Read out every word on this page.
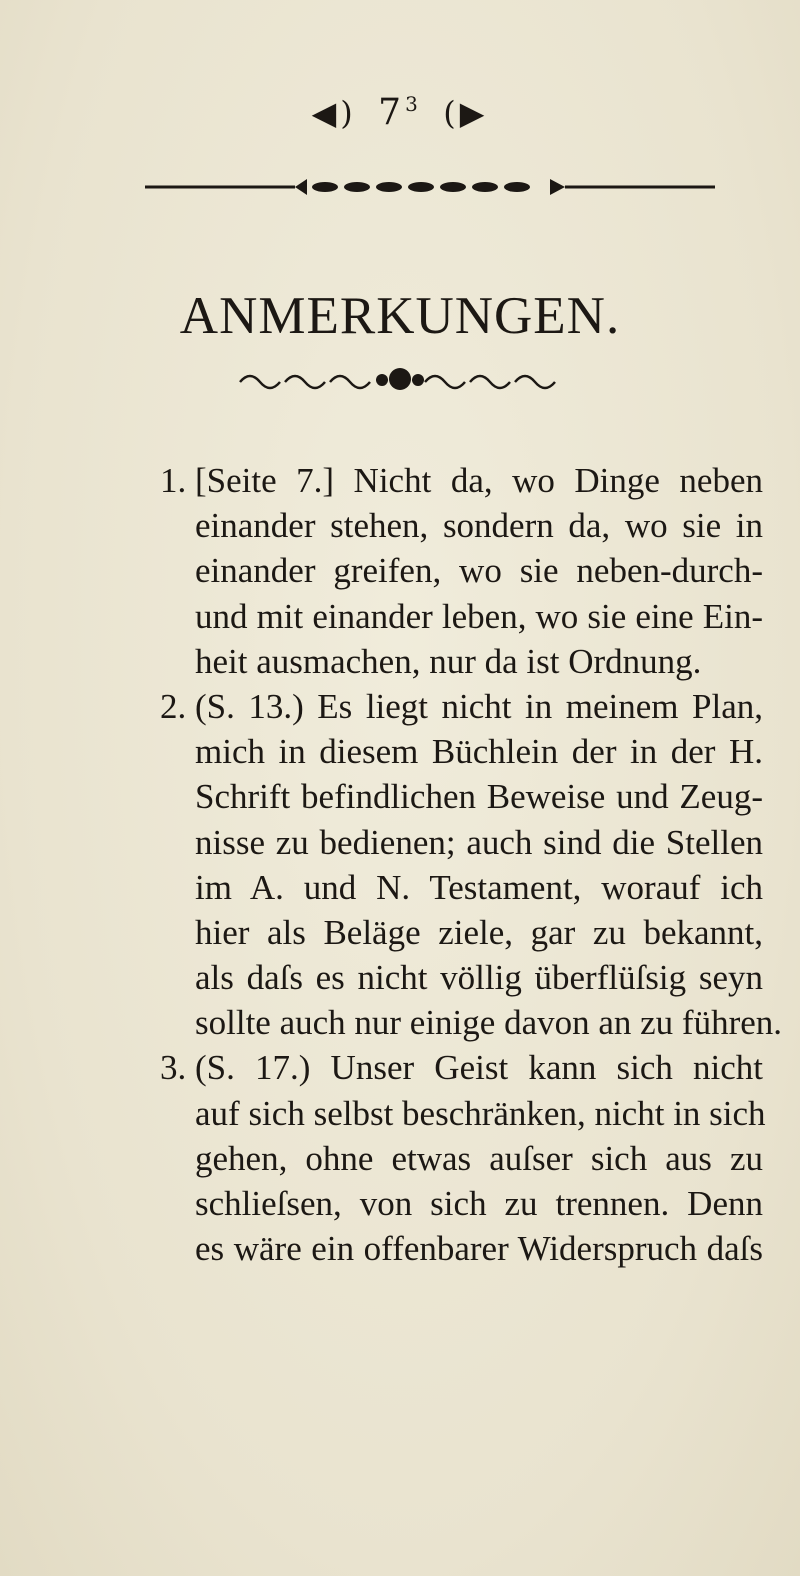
◀) $7^3$ (▶
ANMERKUNGEN.
1. [Seite 7.] Nicht da, wo Dinge neben
einander stehen, sondern da, wo sie in
einander greifen, wo sie neben-durch-
und mit einander leben, wo sie eine Ein-
heit ausmachen, nur da ist Ordnung.
2. (S. 13.) Es liegt nicht in meinem Plan,
mich in diesem Büchlein der in der H.
Schrift befindlichen Beweise und Zeug-
nisse zu bedienen; auch sind die Stellen
im A. und N. Testament, worauf ich
hier als Beläge ziele, gar zu bekannt,
als daſs es nicht völlig überflüſsig seyn
sollte auch nur einige davon an zu führen.
3. (S. 17.) Unser Geist kann sich nicht
auf sich selbst beschränken, nicht in sich
gehen, ohne etwas auſser sich aus zu
schlieſsen, von sich zu trennen. Denn
es wäre ein offenbarer Widerspruch daſs
